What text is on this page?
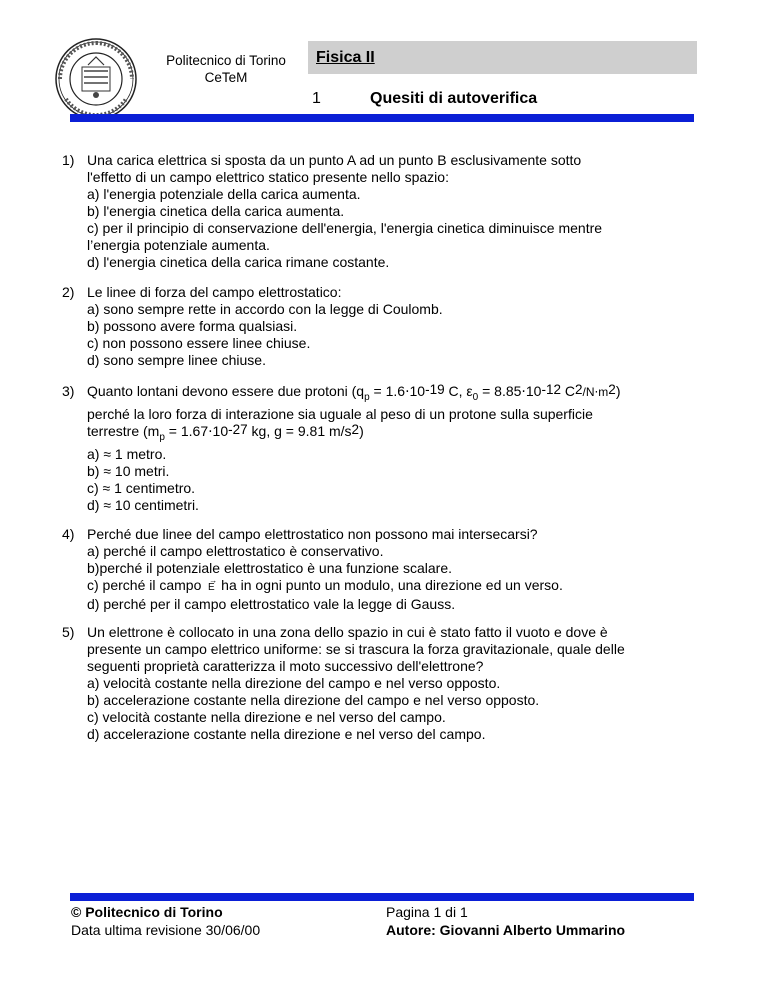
Politecnico di Torino
CeTeM
Fisica II
1	Quesiti di autoverifica
1) Una carica elettrica si sposta da un punto A ad un punto B esclusivamente sotto
l'effetto di un campo elettrico statico presente nello spazio:
a) l'energia potenziale della carica aumenta.
b) l'energia cinetica della carica aumenta.
c) per il principio di conservazione dell'energia, l'energia cinetica diminuisce mentre
l’energia potenziale aumenta.
d) l'energia cinetica della carica rimane costante.
2) Le linee di forza del campo elettrostatico:
a) sono sempre rette in accordo con la legge di Coulomb.
b) possono avere forma qualsiasi.
c) non possono essere linee chiuse.
d) sono sempre linee chiuse.
3) Quanto lontani devono essere due protoni ($q_p = 1.6\cdot 10^{-19}$ C, $\varepsilon_0 = 8.85\cdot 10^{-12}$ $C^2/N\cdot m^2$)
perché la loro forza di interazione sia uguale al peso di un protone sulla superficie
terrestre ($m_p = 1.67\cdot 10^{-27}$ kg, g = 9.81 $m/s^2$)
a) ≈ 1 metro.
b) ≈ 10 metri.
c) ≈ 1 centimetro.
d) ≈ 10 centimetri.
4) Perché due linee del campo elettrostatico non possono mai intersecarsi?
a) perché il campo elettrostatico è conservativo.
b)perché il potenziale elettrostatico è una funzione scalare.
c) perché il campo →
E ha in ogni punto un modulo, una direzione ed un verso.
d) perché per il campo elettrostatico vale la legge di Gauss.
5) Un elettrone è collocato in una zona dello spazio in cui è stato fatto il vuoto e dove è
presente un campo elettrico uniforme: se si trascura la forza gravitazionale, quale delle
seguenti proprietà caratterizza il moto successivo dell'elettrone?
a) velocità costante nella direzione del campo e nel verso opposto.
b) accelerazione costante nella direzione del campo e nel verso opposto.
c) velocità costante nella direzione e nel verso del campo.
d) accelerazione costante nella direzione e nel verso del campo.
© Politecnico di Torino
Data ultima revisione 30/06/00
Pagina 1 di 1
Autore: Giovanni Alberto Ummarino
